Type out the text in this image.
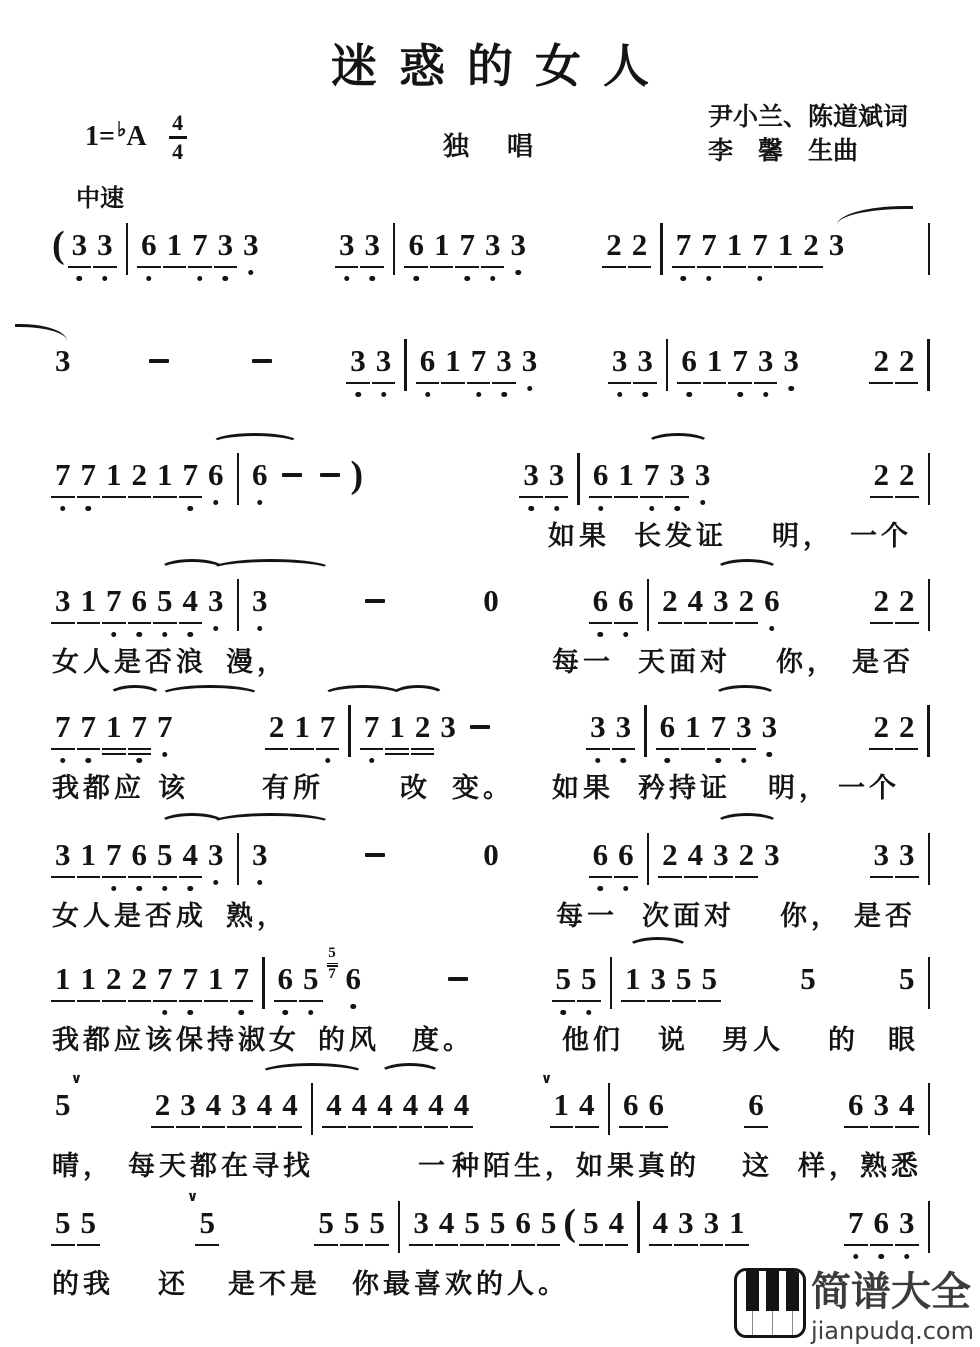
迷惑的女人
1= ♭ A $\frac{4}{4}$	独　唱
尹小兰、陈道斌词
李　馨　生曲
中速
( 3 3 6 1 7 3 3	3 3 6 1 7 3 3	2 2 7 7 1 7 1 2 3
3	3 3 6 1 7 3 3 3 3 6 1 7 3 3 2 2
7 7 1 2 1 7 6 6 )	3 3 6 1 7 3 3	2 2
如果 长发证 明， 一个
3 1 7 6 5 4 3 3	0	6 6 2 4 3 2 6	2 2
女人是否浪 漫，	每一 天面对 你， 是否
7 7 1 7 7	2 1 7 7 1 2 3	3 3 6 1 7 3 3	2 2
我都应 该	有所	改 变。 如果 矜持证 明， 一个
3 1 7 6 5 4 3 3	0	6 6 2 4 3 2 3	3 3
女人是否成 熟，	每一 次面对 你， 是否
1 1 2 2 7 7 1 7 6 5
5
7 6	5 5 1 3 5 5	5	5
我都应该保持淑女 的风 度。	他们 说 男人 的 眼
5
∨
2 3 4 3 4 4 4 4 4 4 4 4	1
∨
4 6 6	6	6 3 4
晴， 每天都在寻找	一 种陌生，如果 真的 这 样，熟悉
5 5	5
∨
5 5 5 3 4 5 5 6 5 ( 5 4 4 3 3 1	7 6 3
的我 还 是不是 你最喜欢的人。	简谱大全
jianpudq.com
